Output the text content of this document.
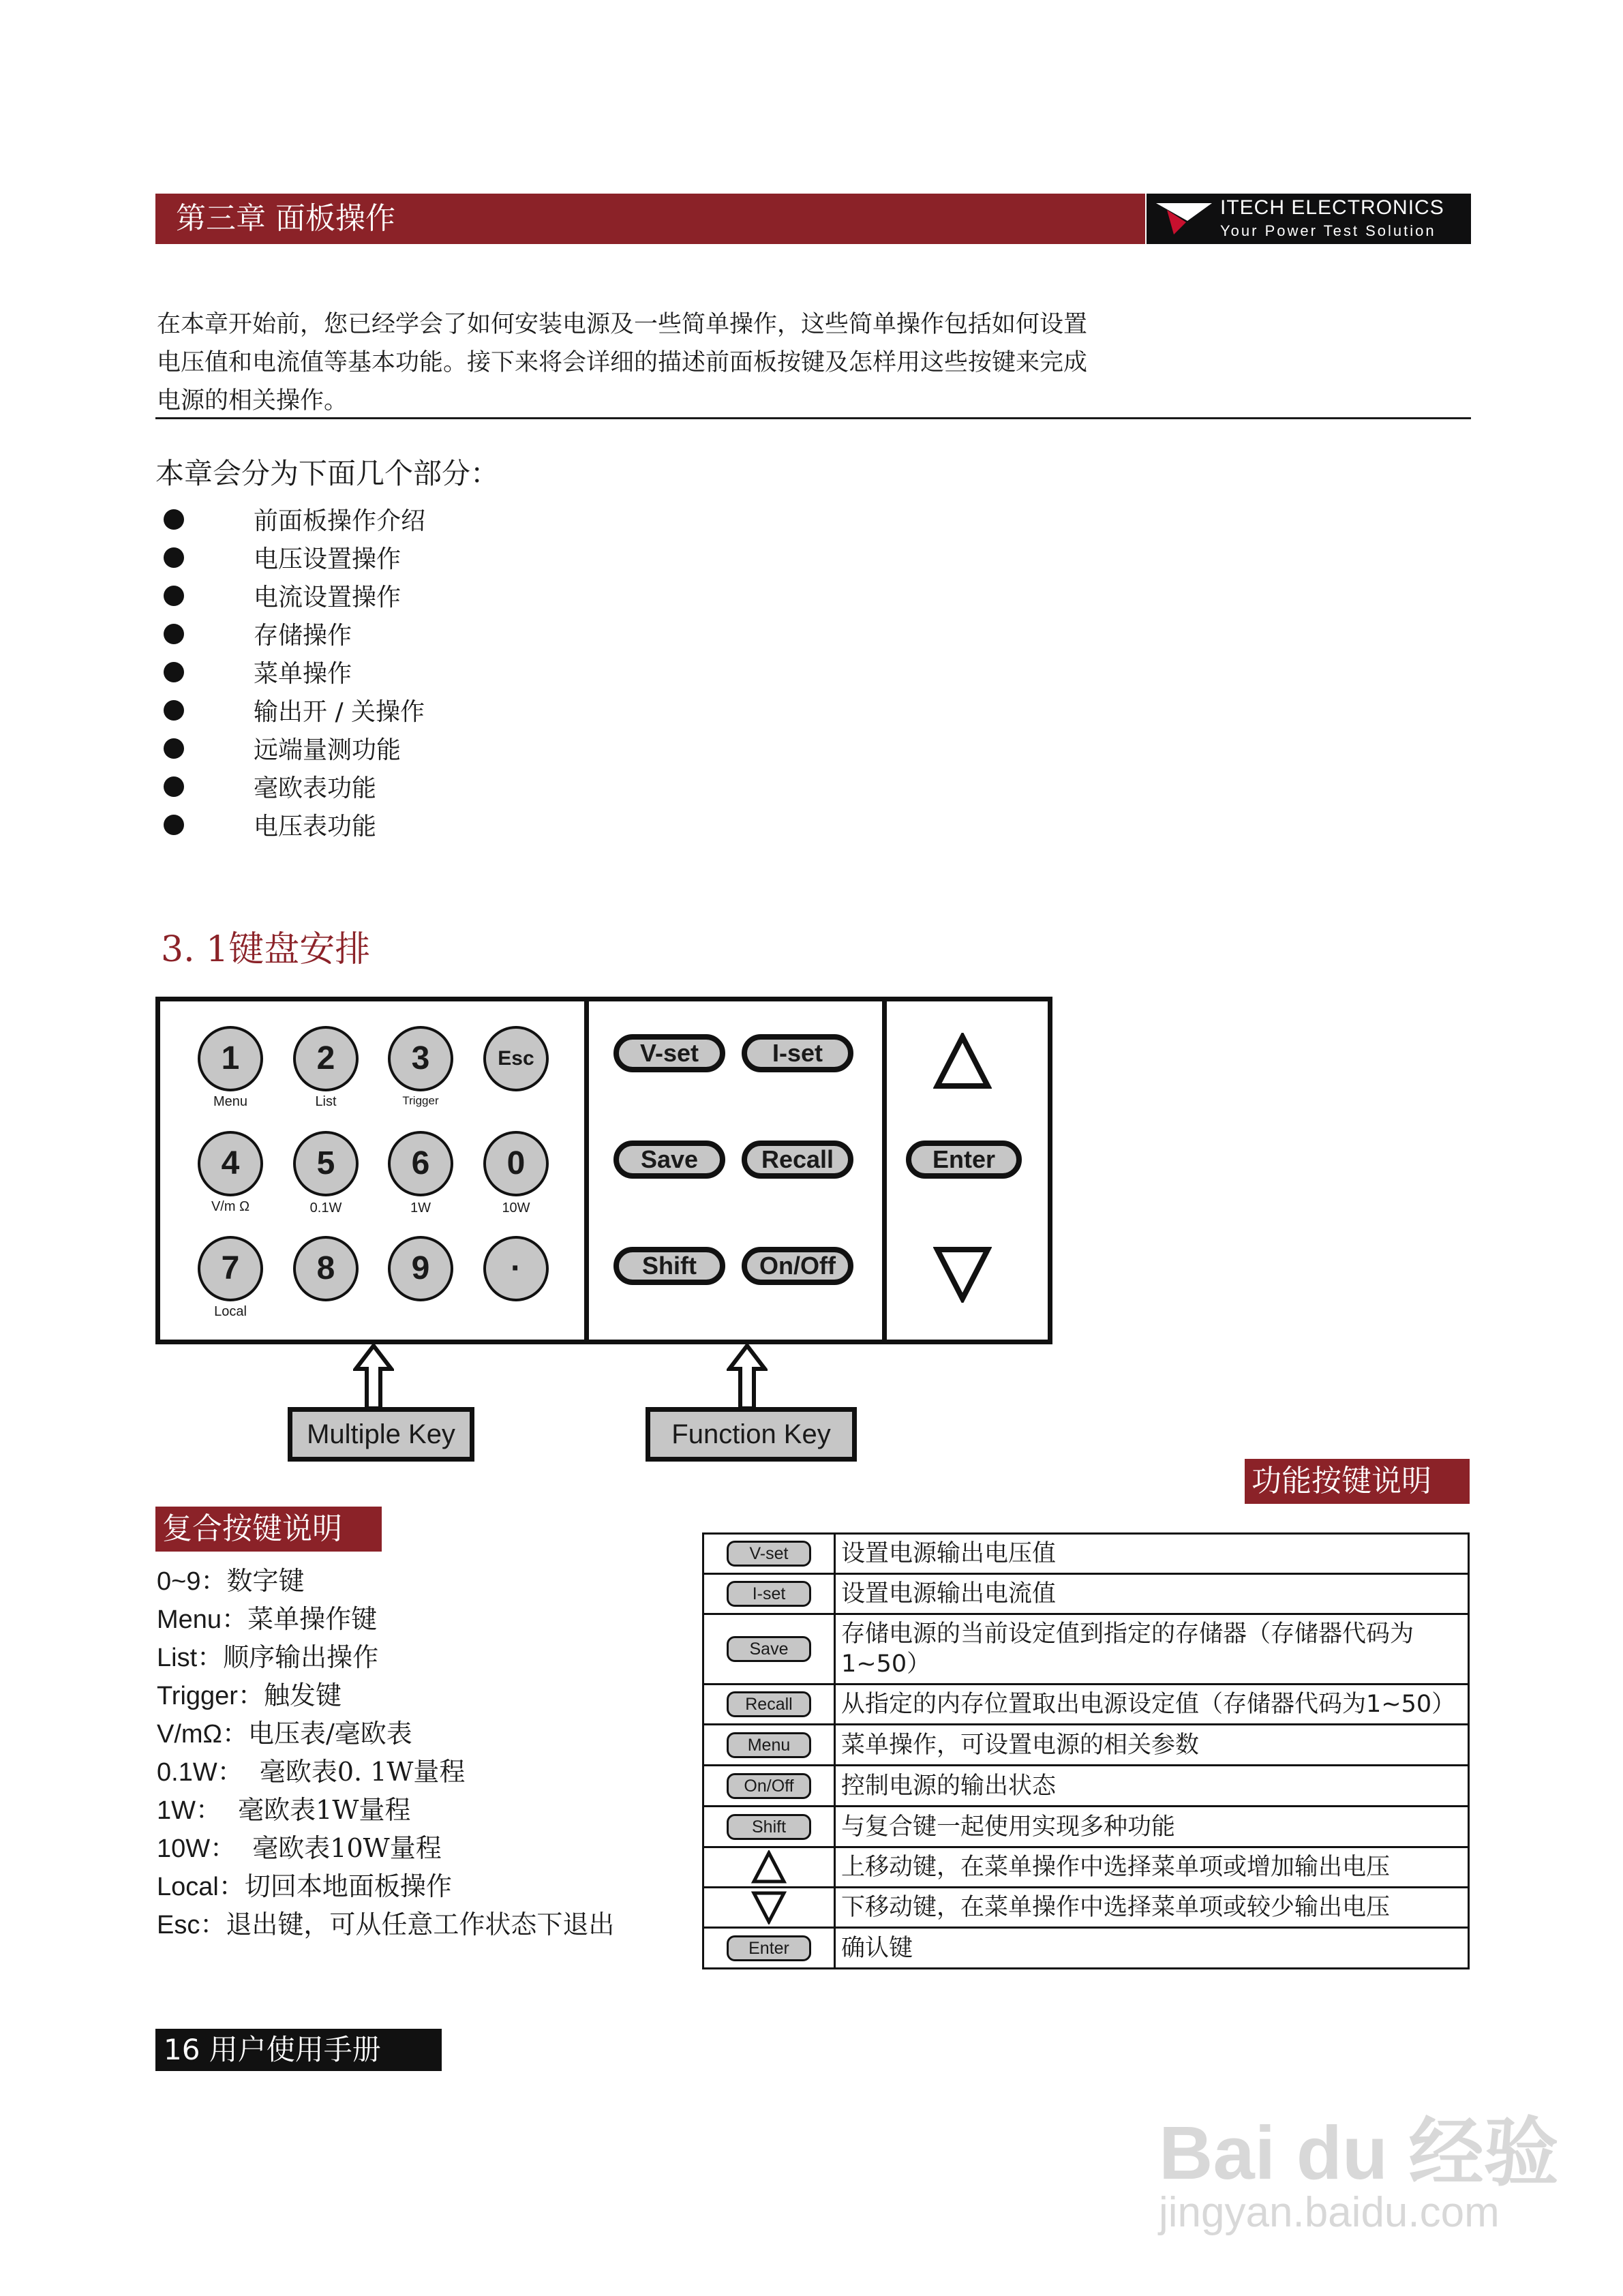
第三章 面板操作	ITECH ELECTRONICS
Your Power Test Solution
在本章开始前，您已经学会了如何安装电源及一些简单操作，这些简单操作包括如何设置
电压值和电流值等基本功能。接下来将会详细的描述前面板按键及怎样用这些按键来完成
电源的相关操作。
本章会分为下面几个部分：
前面板操作介绍
电压设置操作
电流设置操作
存储操作
菜单操作
输出开 / 关操作
远端量测功能
毫欧表功能
电压表功能
3. 1键盘安排
1
Menu
2
List
3
Trigger
Esc
4
V/m Ω
5
0.1W
6
1W
0
10W
7
Local
8	9	·
V-set	I-set
Save	Recall
Shift	On/Off
Enter
Multiple Key	Function Key
功能按键说明
复合按键说明
0~9：数字键
Menu：菜单操作键
List：顺序输出操作
Trigger：触发键
V/mΩ：电压表/毫欧表
0.1W：  毫欧表0. 1W量程
1W：  毫欧表1W量程
10W：  毫欧表10W量程
Local：切回本地面板操作
Esc：退出键，可从任意工作状态下退出
V-set	设置电源输出电压值
I-set	设置电源输出电流值
Save	存储电源的当前设定值到指定的存储器（存储器代码为1~50）
Recall	从指定的内存位置取出电源设定值（存储器代码为1~50）
Menu	菜单操作，可设置电源的相关参数
On/Off	控制电源的输出状态
Shift	与复合键一起使用实现多种功能

	上移动键，在菜单操作中选择菜单项或增加输出电压

	下移动键，在菜单操作中选择菜单项或较少输出电压
Enter	确认键
16 用户使用手册
Bai du 经验
jingyan.baidu.com
